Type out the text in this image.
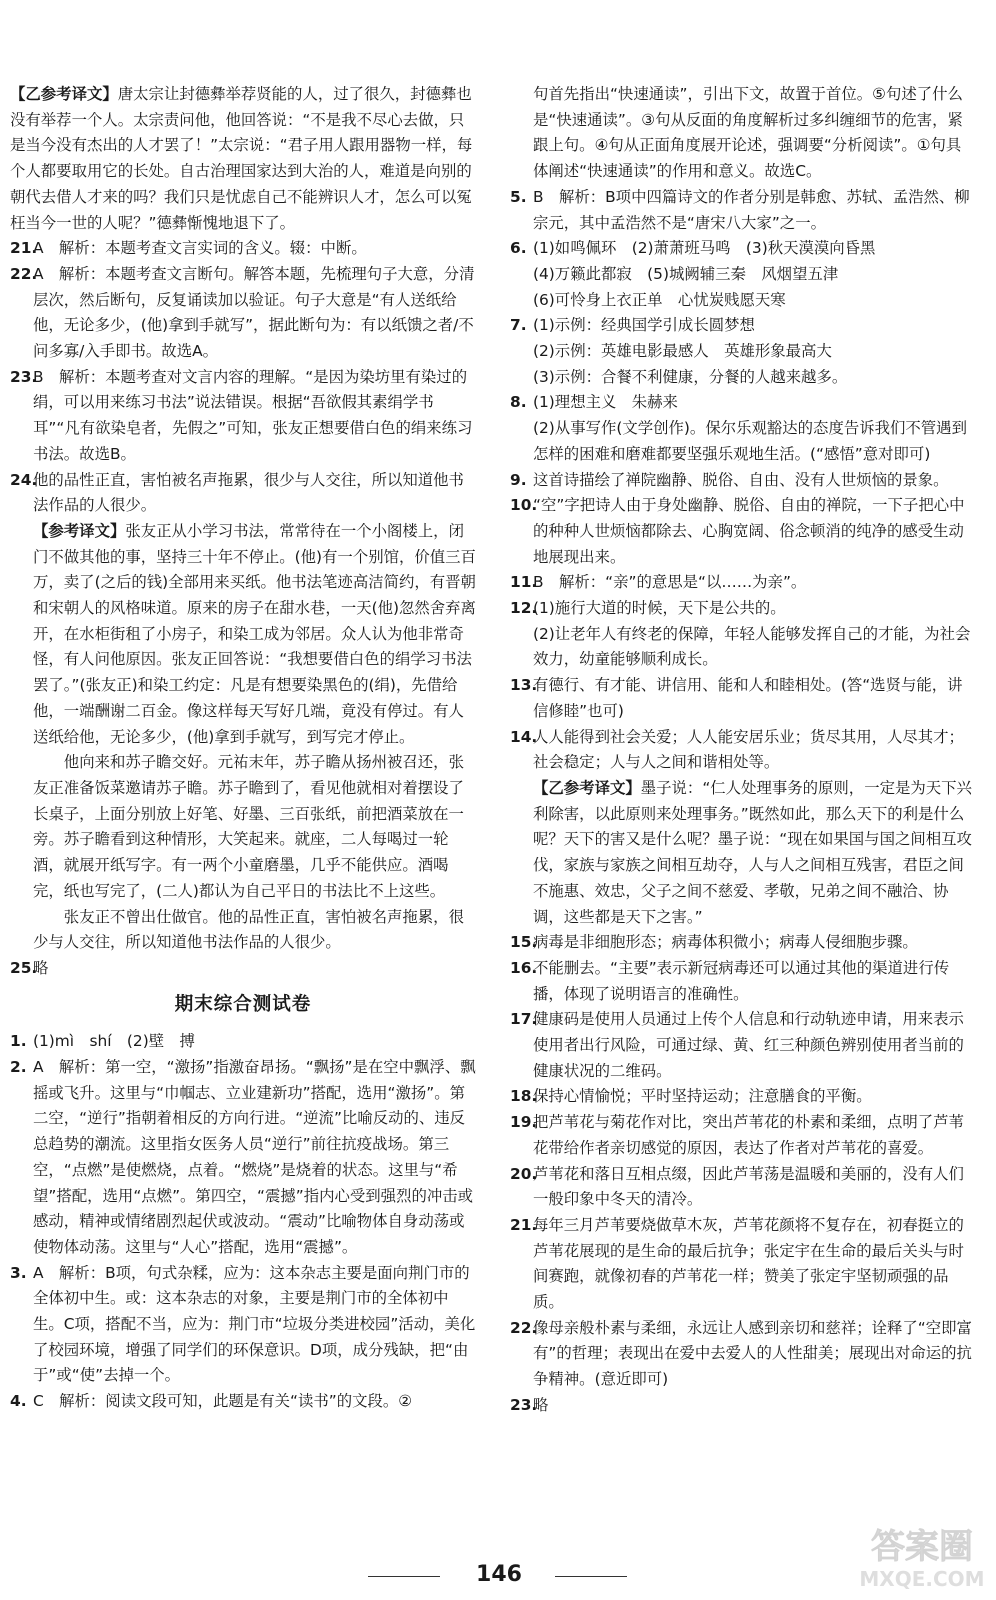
【乙参考译文】唐太宗让封德彝举荐贤能的人，过了很久，封德彝也没有举荐一个人。太宗责问他，他回答说：“不是我不尽心去做，只是当今没有杰出的人才罢了！”太宗说：“君子用人跟用器物一样，每个人都要取用它的长处。自古治理国家达到大治的人，难道是向别的朝代去借人才来的吗？我们只是忧虑自己不能辨识人才，怎么可以冤枉当今一世的人呢？”德彝惭愧地退下了。

21.
A　解析：本题考查文言实词的含义。辍：中断。
22.
A　解析：本题考查文言断句。解答本题，先梳理句子大意，分清层次，然后断句，反复诵读加以验证。句子大意是“有人送纸给他，无论多少，(他)拿到手就写”，据此断句为：有以纸馈之者/不问多寡/入手即书。故选A。
23.
B　解析：本题考查对文言内容的理解。“是因为染坊里有染过的绢，可以用来练习书法”说法错误。根据“吾欲假其素绢学书耳”“凡有欲染皂者，先假之”可知，张友正想要借白色的绢来练习书法。故选B。
24.
他的品性正直，害怕被名声拖累，很少与人交往，所以知道他书法作品的人很少。

【参考译文】张友正从小学习书法，常常待在一个小阁楼上，闭门不做其他的事，坚持三十年不停止。(他)有一个别馆，价值三百万，卖了(之后的钱)全部用来买纸。他书法笔迹高洁简约，有晋朝和宋朝人的风格味道。原来的房子在甜水巷，一天(他)忽然舍弃离开，在水柜街租了小房子，和染工成为邻居。众人认为他非常奇怪，有人问他原因。张友正回答说：“我想要借白色的绢学习书法罢了。”(张友正)和染工约定：凡是有想要染黑色的(绢)，先借给他，一端酬谢二百金。像这样每天写好几端，竟没有停过。有人送纸给他，无论多少，(他)拿到手就写，到写完才停止。

他向来和苏子瞻交好。元祐末年，苏子瞻从扬州被召还，张友正准备饭菜邀请苏子瞻。苏子瞻到了，看见他就相对着摆设了长桌子，上面分别放上好笔、好墨、三百张纸，前把酒菜放在一旁。苏子瞻看到这种情形，大笑起来。就座，二人每喝过一轮酒，就展开纸写字。有一两个小童磨墨，几乎不能供应。酒喝完，纸也写完了，(二人)都认为自己平日的书法比不上这些。

张友正不曾出仕做官。他的品性正直，害怕被名声拖累，很少与人交往，所以知道他书法作品的人很少。

25.
略
期末综合测试卷
1. (1)mì　shí　(2)壁　搏
2. A　解析：第一空，“激扬”指激奋昂扬。“飘扬”是在空中飘浮、飘摇或飞升。这里与“巾帼志、立业建新功”搭配，选用“激扬”。第二空，“逆行”指朝着相反的方向行进。“逆流”比喻反动的、违反总趋势的潮流。这里指女医务人员“逆行”前往抗疫战场。第三空，“点燃”是使燃烧，点着。“燃烧”是烧着的状态。这里与“希望”搭配，选用“点燃”。第四空，“震撼”指内心受到强烈的冲击或感动，精神或情绪剧烈起伏或波动。“震动”比喻物体自身动荡或使物体动荡。这里与“人心”搭配，选用“震撼”。
3. A　解析：B项，句式杂糅，应为：这本杂志主要是面向荆门市的全体初中生。或：这本杂志的对象，主要是荆门市的全体初中生。C项，搭配不当，应为：荆门市“垃圾分类进校园”活动，美化了校园环境，增强了同学们的环保意识。D项，成分残缺，把“由于”或“使”去掉一个。
4. C　解析：阅读文段可知，此题是有关“读书”的文段。②
句首先指出“快速通读”，引出下文，故置于首位。⑤句述了什么是“快速通读”。③句从反面的角度解析过多纠缠细节的危害，紧跟上句。④句从正面角度展开论述，强调要“分析阅读”。①句具体阐述“快速通读”的作用和意义。故选C。
5. B　解析：B项中四篇诗文的作者分别是韩愈、苏轼、孟浩然、柳宗元，其中孟浩然不是“唐宋八大家”之一。
6. (1)如鸣佩环　(2)萧萧班马鸣　(3)秋天漠漠向昏黑
(4)万籁此都寂　(5)城阙辅三秦　风烟望五津
(6)可怜身上衣正单　心忧炭贱愿天寒
7. (1)示例：经典国学引成长圆梦想
(2)示例：英雄电影最感人　英雄形象最高大
(3)示例：合餐不利健康，分餐的人越来越多。
8. (1)理想主义　朱赫来
(2)从事写作(文学创作)。保尔乐观豁达的态度告诉我们不管遇到怎样的困难和磨难都要坚强乐观地生活。(“感悟”意对即可)
9. 这首诗描绘了禅院幽静、脱俗、自由、没有人世烦恼的景象。
10.
“空”字把诗人由于身处幽静、脱俗、自由的禅院，一下子把心中的种种人世烦恼都除去、心胸宽阔、俗念顿消的纯净的感受生动地展现出来。
11.
B　解析：“亲”的意思是“以……为亲”。
12.
(1)施行大道的时候，天下是公共的。
(2)让老年人有终老的保障，年轻人能够发挥自己的才能，为社会效力，幼童能够顺利成长。
13.
有德行、有才能、讲信用、能和人和睦相处。(答“选贤与能，讲信修睦”也可)
14.
人人能得到社会关爱；人人能安居乐业；货尽其用，人尽其才；社会稳定；人与人之间和谐相处等。
【乙参考译文】墨子说：“仁人处理事务的原则，一定是为天下兴利除害，以此原则来处理事务。”既然如此，那么天下的利是什么呢？天下的害又是什么呢？墨子说：“现在如果国与国之间相互攻伐，家族与家族之间相互劫夺，人与人之间相互残害，君臣之间不施惠、效忠，父子之间不慈爱、孝敬，兄弟之间不融洽、协调，这些都是天下之害。”
15.
病毒是非细胞形态；病毒体积微小；病毒人侵细胞步骤。
16.
不能删去。“主要”表示新冠病毒还可以通过其他的渠道进行传播，体现了说明语言的准确性。
17.
健康码是使用人员通过上传个人信息和行动轨迹申请，用来表示使用者出行风险，可通过绿、黄、红三种颜色辨别使用者当前的健康状况的二维码。
18.
保持心情愉悦；平时坚持运动；注意膳食的平衡。
19.
把芦苇花与菊花作对比，突出芦苇花的朴素和柔细，点明了芦苇花带给作者亲切感觉的原因，表达了作者对芦苇花的喜爱。
20.
芦苇花和落日互相点缀，因此芦苇荡是温暖和美丽的，没有人们一般印象中冬天的清冷。
21.
每年三月芦苇要烧做草木灰，芦苇花颜将不复存在，初春挺立的芦苇花展现的是生命的最后抗争；张定宇在生命的最后关头与时间赛跑，就像初春的芦苇花一样；赞美了张定宇坚韧顽强的品质。
22.
像母亲般朴素与柔细，永远让人感到亲切和慈祥；诠释了“空即富有”的哲理；表现出在爱中去爱人的人性甜美；展现出对命运的抗争精神。(意近即可)
23.
略
146
答案圈
MXQE.COM
